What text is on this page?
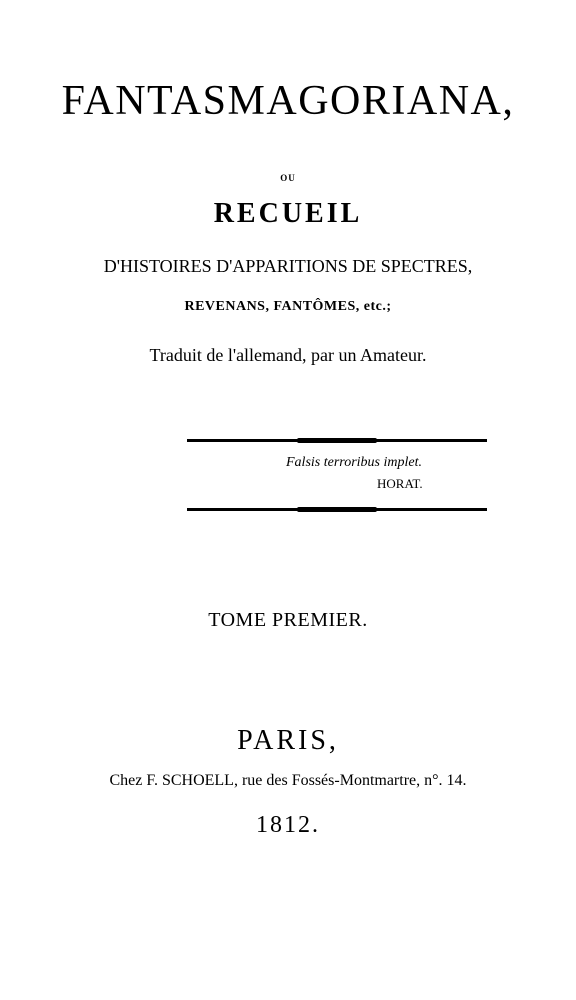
FANTASMAGORIANA,
ou
RECUEIL
D'HISTOIRES D'APPARITIONS DE SPECTRES,
REVENANS, FANTÔMES, etc.;
Traduit de l'allemand, par un Amateur.
Falsis terroribus implet.
HORAT.
TOME PREMIER.
PARIS,
Chez F. SCHOELL, rue des Fossés-Montmartre, n°. 14.
1812.
